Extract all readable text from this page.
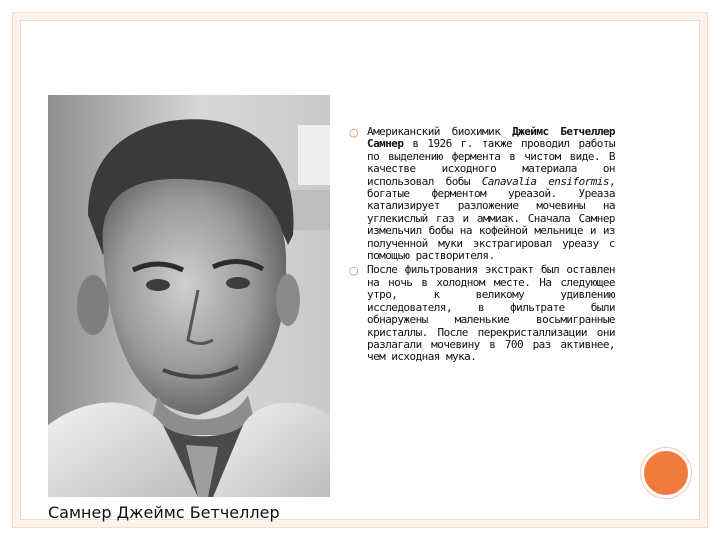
Самнер Джеймс Бетчеллер
○ Американский биохимик Джеймс Бетчеллер Самнер в 1926 г. также проводил работы по выделению фермента в чистом виде. В качестве исходного материала он использовал бобы Canavalia ensiformis, богатые ферментом уреазой. Уреаза катализирует разложение мочевины на углекислый газ и аммиак. Сначала Самнер измельчил бобы на кофейной мельнице и из полученной муки экстрагировал уреазу с помощью растворителя.
○ После фильтрования экстракт был оставлен на ночь в холодном месте. На следующее утро, к великому удивлению исследователя, в фильтрате были обнаружены маленькие восьмигранные кристаллы. После перекристаллизации они разлагали мочевину в 700 раз активнее, чем исходная мука.
